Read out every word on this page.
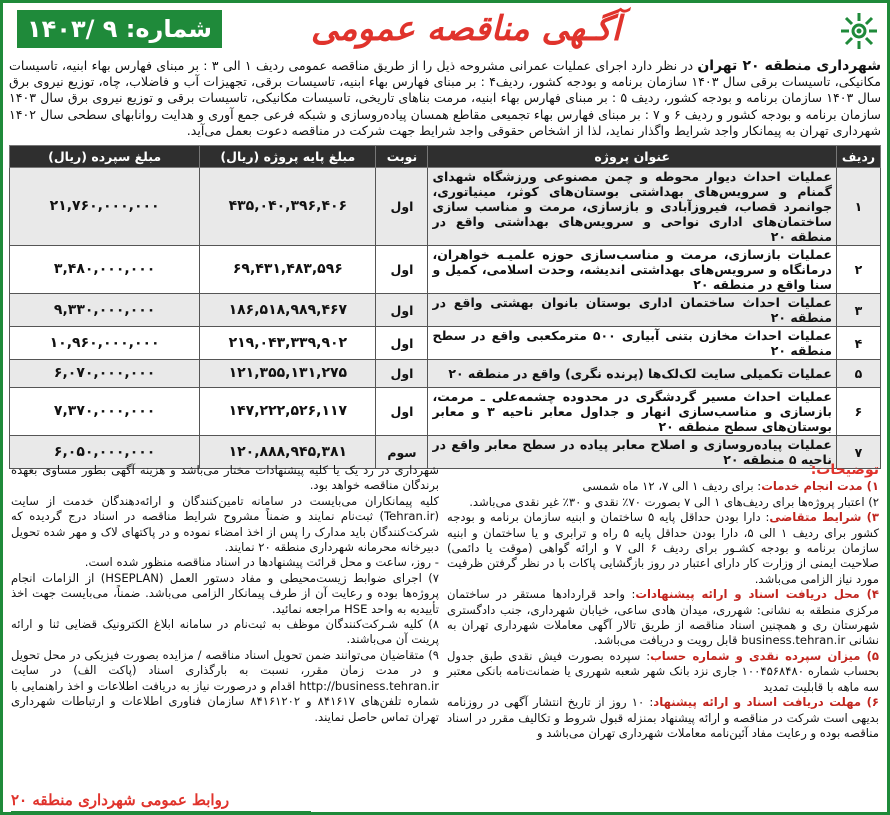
شماره: ۹ /۱۴۰۳	آگـهی مناقصه عمومی
شهرداری منطقه ۲۰ تهران در نظر دارد اجرای عملیات عمرانی مشروحه ذیل را از طریق مناقصه عمومی ردیف ۱ الی ۳ : بر مبنای فهارس بهاء ابنیه، تاسیسات مکانیکی، تاسیسات برقی سال ۱۴۰۳ سازمان برنامه و بودجه کشور، ردیف۴ : بر مبنای فهارس بهاء ابنیه، تاسیسات برقی، تجهیزات آب و فاضلاب، چاه، توزیع نیروی برق سال ۱۴۰۳ سازمان برنامه و بودجه کشور، ردیف ۵ : بر مبنای فهارس بهاء ابنیه، مرمت بناهای تاریخی، تاسیسات مکانیکی، تاسیسات برقی و توزیع نیروی برق سال ۱۴۰۳ سازمان برنامه و بودجه کشور و ردیف ۶ و ۷ : بر مبنای فهارس بهاء تجمیعی مقاطع همسان پیاده‌روسازی و شبکه فرعی جمع آوری و هدایت روانابهای سطحی سال ۱۴۰۲ شهرداری تهران به پیمانکار واجد شرایط واگذار نماید، لذا از اشخاص حقوقی واجد شرایط جهت شرکت در مناقصه دعوت بعمل می‌آید.
ردیف	عنوان پروژه	نوبت	مبلغ پایه پروژه (ریال)	مبلغ سپرده (ریال)
۱	عملیات احداث دیوار محوطه و چمن مصنوعی ورزشگاه شهدای گمنام و سرویس‌های بهداشتی بوستان‌های کوثر، مینیاتوری، جوانمرد قصاب، فیروزآبادی و بازسازی، مرمت و مناسب سازی ساختمان‌های اداری نواحی و سرویس‌های بهداشتی واقع در منطقه ۲۰	اول	۴۳۵,۰۴۰,۳۹۶,۴۰۶	۲۱,۷۶۰,۰۰۰,۰۰۰
۲	عملیات بازسازی، مرمت و مناسب‌سازی حوزه علمیـه خواهران، درمانگاه و سرویس‌های بهداشتی اندیشه، وحدت اسلامی، کمیل و سنا واقع در منطقه ۲۰	اول	۶۹,۴۳۱,۴۸۳,۵۹۶	۳,۴۸۰,۰۰۰,۰۰۰
۳	عملیات احداث ساختمان اداری بوستان بانوان بهشتی واقع در منطقه ۲۰	اول	۱۸۶,۵۱۸,۹۸۹,۴۶۷	۹,۳۳۰,۰۰۰,۰۰۰
۴	عملیات احداث مخازن بتنی آبیاری ۵۰۰ مترمکعبی واقع در سطح منطقه ۲۰	اول	۲۱۹,۰۴۳,۳۳۹,۹۰۲	۱۰,۹۶۰,۰۰۰,۰۰۰
۵	عملیات تکمیلی سایت لک‌لک‌ها (پرنده نگری) واقع در منطقه ۲۰	اول	۱۲۱,۳۵۵,۱۳۱,۲۷۵	۶,۰۷۰,۰۰۰,۰۰۰
۶	عملیات احداث مسیر گردشگری در محدوده چشمه‌علی ـ مرمت، بازسازی و مناسب‌سازی انهار و جداول معابر ناحیه ۳ و معابر بوستان‌های سطح منطقه ۲۰	اول	۱۴۷,۲۲۲,۵۲۶,۱۱۷	۷,۳۷۰,۰۰۰,۰۰۰
۷	عملیات پیاده‌روسازی و اصلاح معابر پیاده در سطح معابر واقع در ناحیه ۵ منطقه ۲۰	سوم	۱۲۰,۸۸۸,۹۴۵,۳۸۱	۶,۰۵۰,۰۰۰,۰۰۰
توضیحات:
۱) مدت انجام خدمات: برای ردیف ۱ الی ۷، ۱۲ ماه شمسی
۲) اعتبار پروژه‌ها برای ردیف‌های ۱ الی ۷ بصورت ۷۰٪ نقدی و ۳۰٪ غیر نقدی می‌باشد.
۳) شرایط متقاضی: دارا بودن حداقل پایه ۵ ساختمان و ابنیه سازمان برنامه و بودجه کشور برای ردیف ۱ الی ۵، دارا بودن حداقل پایه ۵ راه و ترابری و یا ساختمان و ابنیه سازمان برنامه و بودجه کشـور برای ردیف ۶ الی ۷ و ارائه گواهی (موقت یا دائمی) صلاحیت ایمنی از وزارت کار دارای اعتبار در روز بازگشایی پاکات با در نظر گرفتن ظرفیت مورد نیاز الزامی می‌باشد.
۴) محل دریافت اسناد و ارائه پیشنهادات: واحد قراردادها مستقر در ساختمان مرکزی منطقه به نشانی: شهرری، میدان هادی ساعی، خیابان شهرداری، جنب دادگستری شهرستان ری و همچنین اسناد مناقصه از طریق تالار آگهی معاملات شهرداری تهران به نشانی business.tehran.ir قابل رویت و دریافت می‌باشد.
۵) میزان سپرده نقدی و شماره حساب: سپرده بصورت فیش نقدی طبق جدول بحساب شماره ۱۰۰۴۵۶۸۴۸۰ جاری نزد بانک شهر شعبه شهرری یا ضمانت‌نامه بانکی معتبر سه ماهه با قابلیت تمدید
۶) مهلت دریافت اسناد و ارائه پیشنهاد: ۱۰ روز از تاریخ انتشار آگهی در روزنامه بدیهی است شرکت در مناقصه و ارائه پیشنهاد بمنزله قبول شروط و تکالیف مقرر در اسناد مناقصه بوده و رعایت مفاد آئین‌نامه معاملات شهرداری تهران می‌باشد و
شهرداری در رد یک یا کلیه پیشنهادات مختار می‌باشد و هزینه آگهی بطور مساوی بعهده برندگان مناقصه خواهد بود.
کلیه پیمانکاران می‌بایست در سامانه تامین‌کنندگان و ارائه‌دهندگان خدمت از سایت (Tehran.ir) ثبت‌نام نمایند و ضمناً مشروح شرایط مناقصه در اسناد درج گردیده که شرکت‌کنندگان باید مدارک را پس از اخذ امضاء نموده و در پاکتهای لاک و مهر شده تحویل دبیرخانه محرمانه شهرداری منطقه ۲۰ نمایند.
- روز، ساعت و محل قرائت پیشنهادها در اسناد مناقصه منظور شده است.
۷) اجرای ضوابط زیست‌محیطی و مفاد دستور العمل (HSEPLAN) از الزامات انجام پروژه‌ها بوده و رعایت آن از طرف پیمانکار الزامی می‌باشد. ضمناً، می‌بایست جهت اخذ تأییدیه به واحد HSE مراجعه نمائید.
۸) کلیه شـرکت‌کنندگان موظف به ثبت‌نام در سامانه ابلاغ الکترونیک قضایی ثنا و ارائه پرینت آن می‌باشند.
۹) متقاضیان می‌توانند ضمن تحویل اسناد مناقصه / مزایده بصورت فیزیکی در محل تحویل و در مدت زمان مقرر، نسبت به بارگذاری اسناد (پاکت الف) در سایت http://business.tehran.ir اقدام و درصورت نیاز به دریافت اطلاعات و اخذ راهنمایی با شماره تلفن‌های ۸۴۱۶۱۷ و ۸۴۱۶۱۲۰۲ سازمان فناوری اطلاعات و ارتباطات شهرداری تهران تماس حاصل نمایند.
روابط عمومی شهرداری منطقه ۲۰
